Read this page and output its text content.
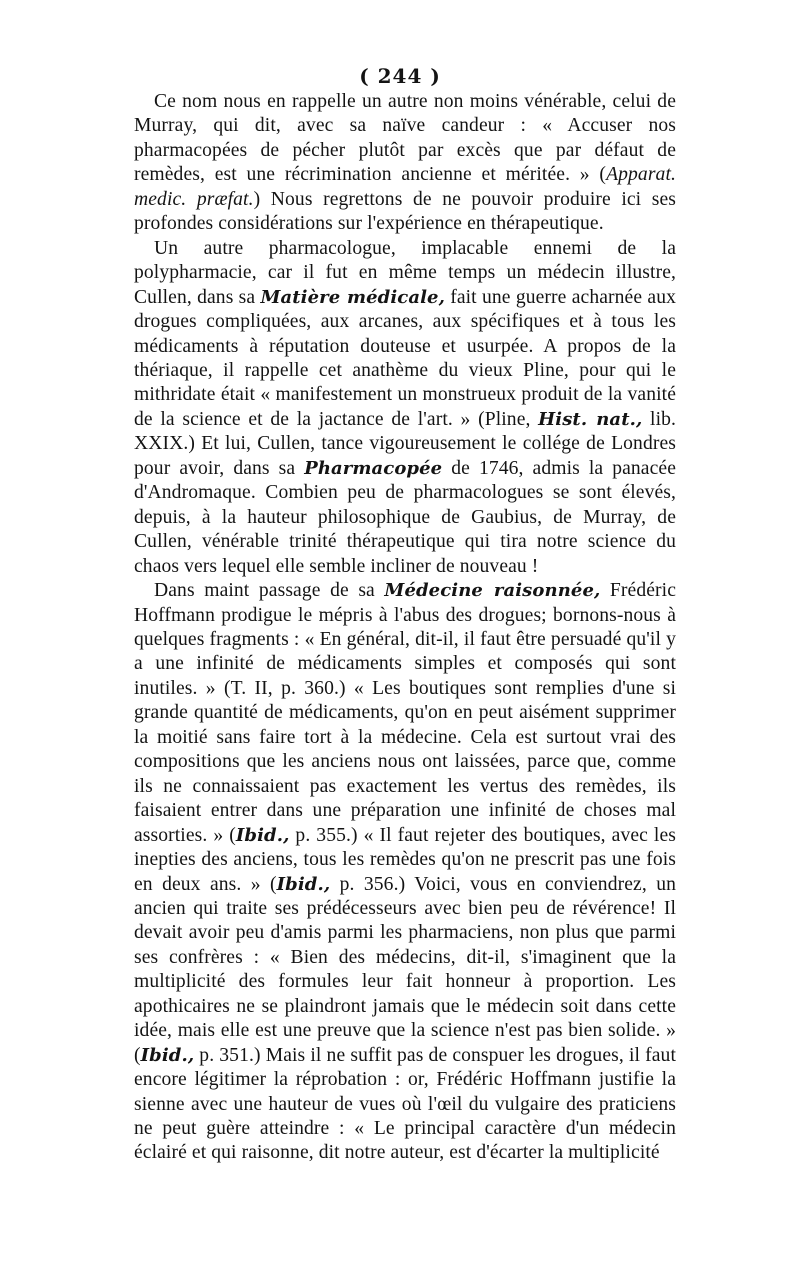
( 244 )

Ce nom nous en rappelle un autre non moins vénérable, celui de Murray, qui dit, avec sa naïve candeur : « Accuser nos pharmacopées de pécher plutôt par excès que par défaut de remèdes, est une récrimination ancienne et méritée. » (Apparat. medic. præfat.) Nous regrettons de ne pouvoir produire ici ses profondes considérations sur l'expérience en thérapeutique.

Un autre pharmacologue, implacable ennemi de la polypharmacie, car il fut en même temps un médecin illustre, Cullen, dans sa Matière médicale, fait une guerre acharnée aux drogues compliquées, aux arcanes, aux spécifiques et à tous les médicaments à réputation douteuse et usurpée. A propos de la thériaque, il rappelle cet anathème du vieux Pline, pour qui le mithridate était « manifestement un monstrueux produit de la vanité de la science et de la jactance de l'art. » (Pline, Hist. nat., lib. XXIX.) Et lui, Cullen, tance vigoureusement le collége de Londres pour avoir, dans sa Pharmacopée de 1746, admis la panacée d'Andromaque. Combien peu de pharmacologues se sont élevés, depuis, à la hauteur philosophique de Gaubius, de Murray, de Cullen, vénérable trinité thérapeutique qui tira notre science du chaos vers lequel elle semble incliner de nouveau !

Dans maint passage de sa Médecine raisonnée, Frédéric Hoffmann prodigue le mépris à l'abus des drogues; bornons-nous à quelques fragments : « En général, dit-il, il faut être persuadé qu'il y a une infinité de médicaments simples et composés qui sont inutiles. » (T. II, p. 360.) « Les boutiques sont remplies d'une si grande quantité de médicaments, qu'on en peut aisément supprimer la moitié sans faire tort à la médecine. Cela est surtout vrai des compositions que les anciens nous ont laissées, parce que, comme ils ne connaissaient pas exactement les vertus des remèdes, ils faisaient entrer dans une préparation une infinité de choses mal assorties. » (Ibid., p. 355.) « Il faut rejeter des boutiques, avec les inepties des anciens, tous les remèdes qu'on ne prescrit pas une fois en deux ans. » (Ibid., p. 356.) Voici, vous en conviendrez, un ancien qui traite ses prédécesseurs avec bien peu de révérence! Il devait avoir peu d'amis parmi les pharmaciens, non plus que parmi ses confrères : « Bien des médecins, dit-il, s'imaginent que la multiplicité des formules leur fait honneur à proportion. Les apothicaires ne se plaindront jamais que le médecin soit dans cette idée, mais elle est une preuve que la science n'est pas bien solide. » (Ibid., p. 351.) Mais il ne suffit pas de conspuer les drogues, il faut encore légitimer la réprobation : or, Frédéric Hoffmann justifie la sienne avec une hauteur de vues où l'œil du vulgaire des praticiens ne peut guère atteindre : « Le principal caractère d'un médecin éclairé et qui raisonne, dit notre auteur, est d'écarter la multiplicité
